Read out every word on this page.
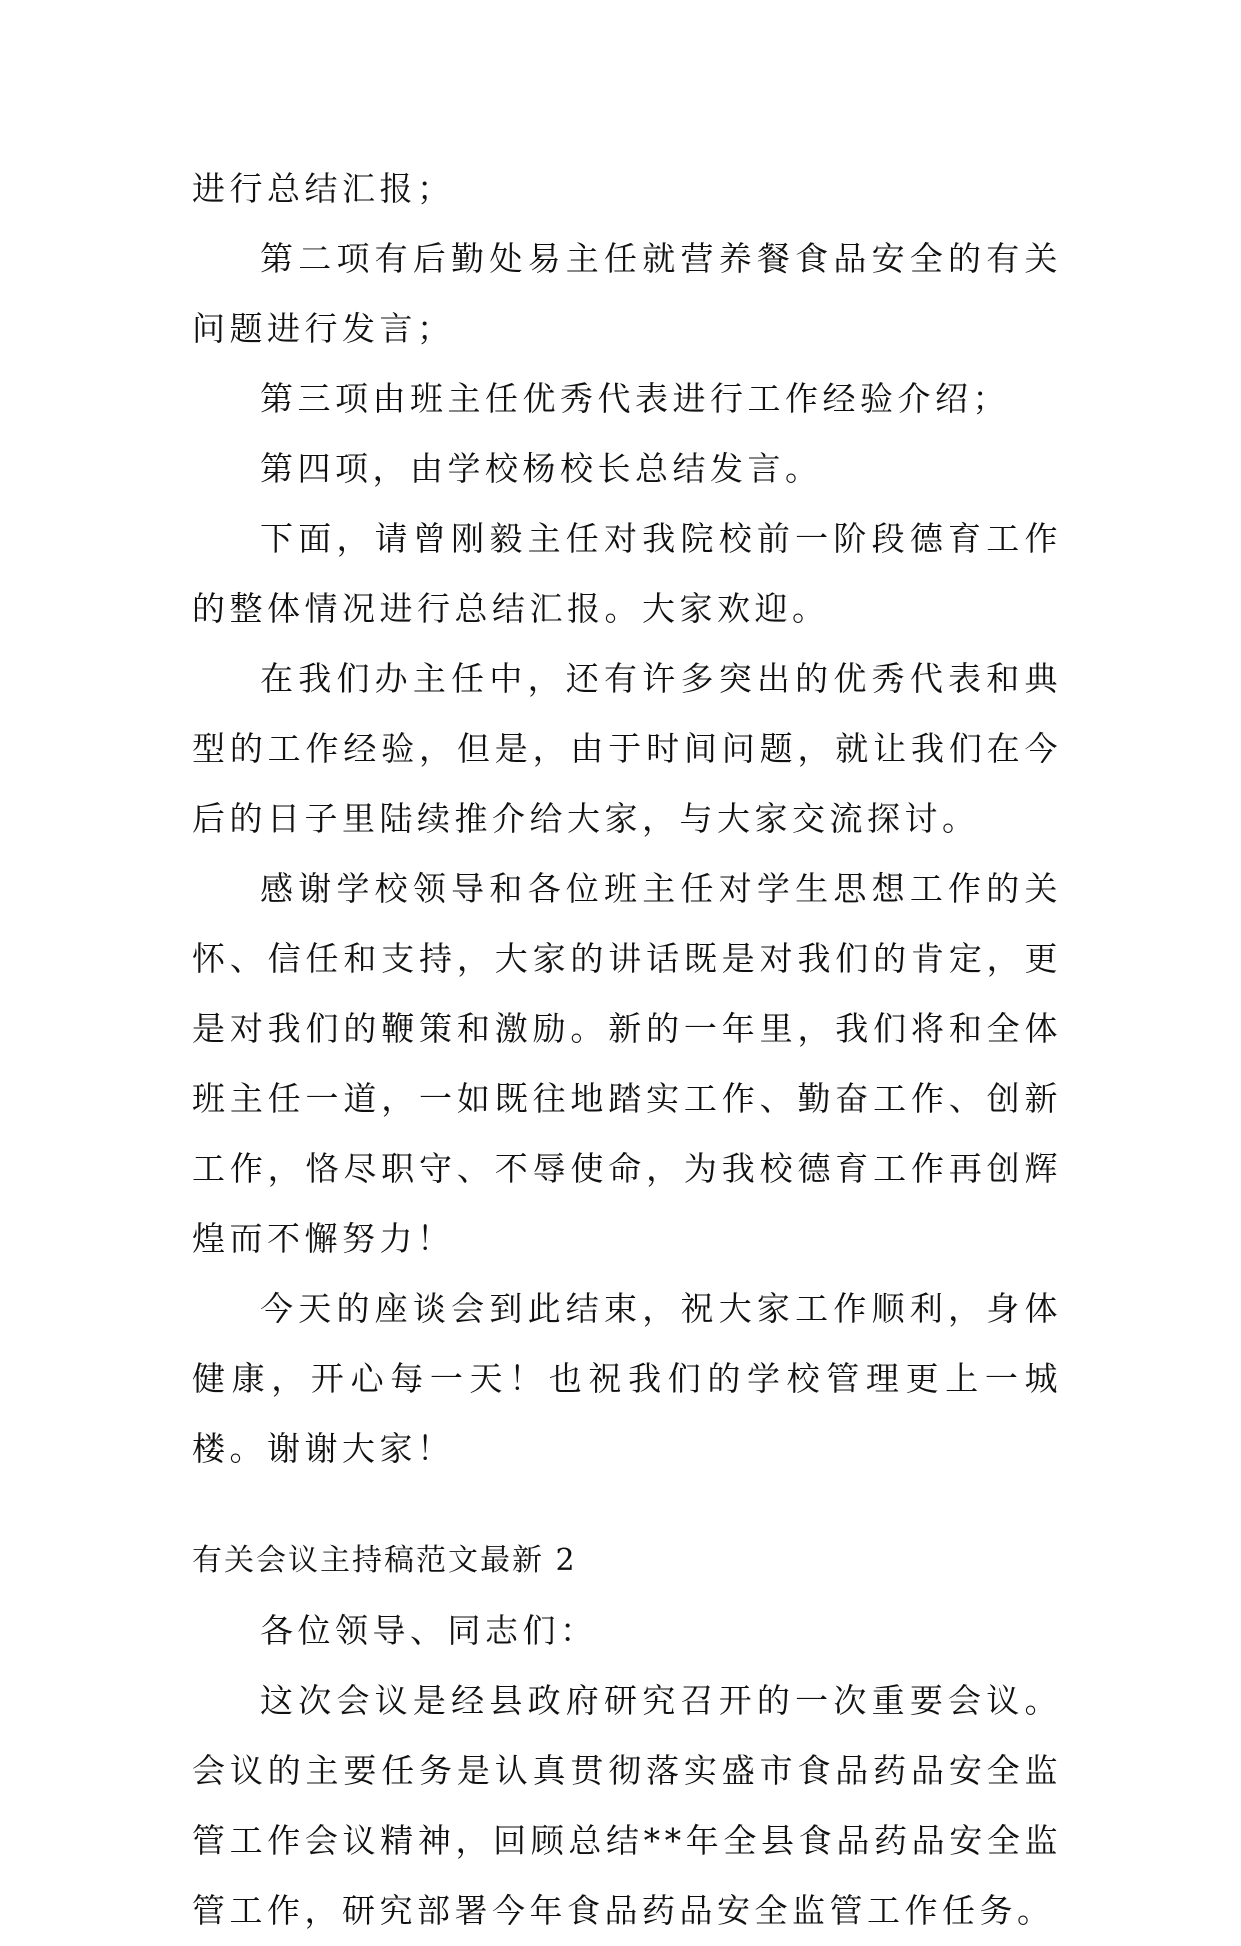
进行总结汇报；

第二项有后勤处易主任就营养餐食品安全的有关问题进行发言；

第三项由班主任优秀代表进行工作经验介绍；

第四项，由学校杨校长总结发言。

下面，请曾刚毅主任对我院校前一阶段德育工作的整体情况进行总结汇报。大家欢迎。

在我们办主任中，还有许多突出的优秀代表和典型的工作经验，但是，由于时间问题，就让我们在今后的日子里陆续推介给大家，与大家交流探讨。

感谢学校领导和各位班主任对学生思想工作的关怀、信任和支持，大家的讲话既是对我们的肯定，更是对我们的鞭策和激励。新的一年里，我们将和全体班主任一道，一如既往地踏实工作、勤奋工作、创新工作，恪尽职守、不辱使命，为我校德育工作再创辉煌而不懈努力！

今天的座谈会到此结束，祝大家工作顺利，身体健康，开心每一天！也祝我们的学校管理更上一城楼。谢谢大家！

有关会议主持稿范文最新 2

各位领导、同志们：

这次会议是经县政府研究召开的一次重要会议。会议的主要任务是认真贯彻落实盛市食品药品安全监管工作会议精神，回顾总结**年全县食品药品安全监管工作，研究部署今年食品药品安全监管工作任务。
